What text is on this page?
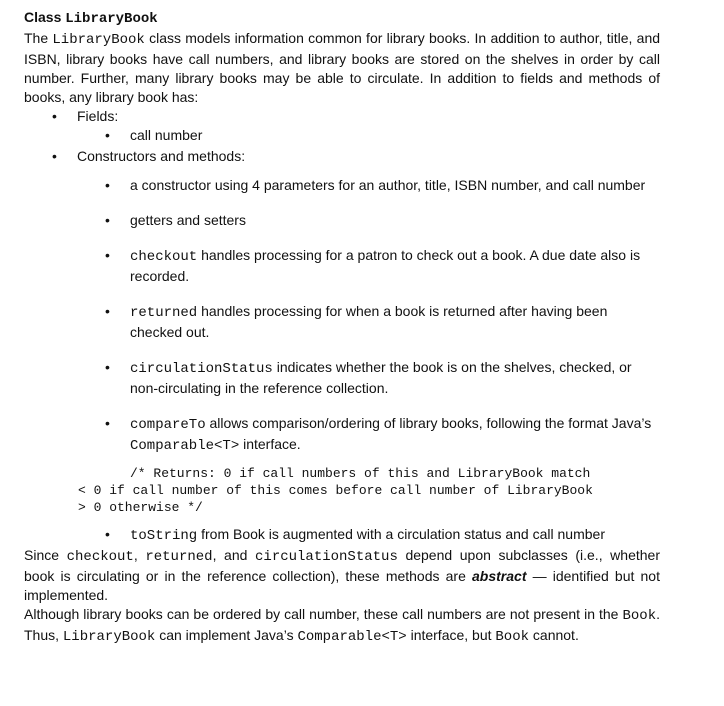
Class LibraryBook

The LibraryBook class models information common for library books. In addition to author, title, and ISBN, library books have call numbers, and library books are stored on the shelves in order by call number. Further, many library books may be able to circulate. In addition to fields and methods of books, any library book has:

• Fields:
• call number
• Constructors and methods:
• a constructor using 4 parameters for an author, title, ISBN number, and call number
• getters and setters
• checkout handles processing for a patron to check out a book. A due date also is recorded.
• returned handles processing for when a book is returned after having been checked out.
• circulationStatus indicates whether the book is on the shelves, checked, or non-circulating in the reference collection.
• compareTo allows comparison/ordering of library books, following the format Java’s Comparable<T> interface.
/* Returns: 0 if call numbers of this and LibraryBook match
< 0 if call number of this comes before call number of LibraryBook
> 0 otherwise */
• toString from Book is augmented with a circulation status and call number

Since checkout, returned, and circulationStatus depend upon subclasses (i.e., whether book is circulating or in the reference collection), these methods are abstract — identified but not implemented.

Although library books can be ordered by call number, these call numbers are not present in the Book. Thus, LibraryBook can implement Java’s Comparable<T> interface, but Book cannot.
